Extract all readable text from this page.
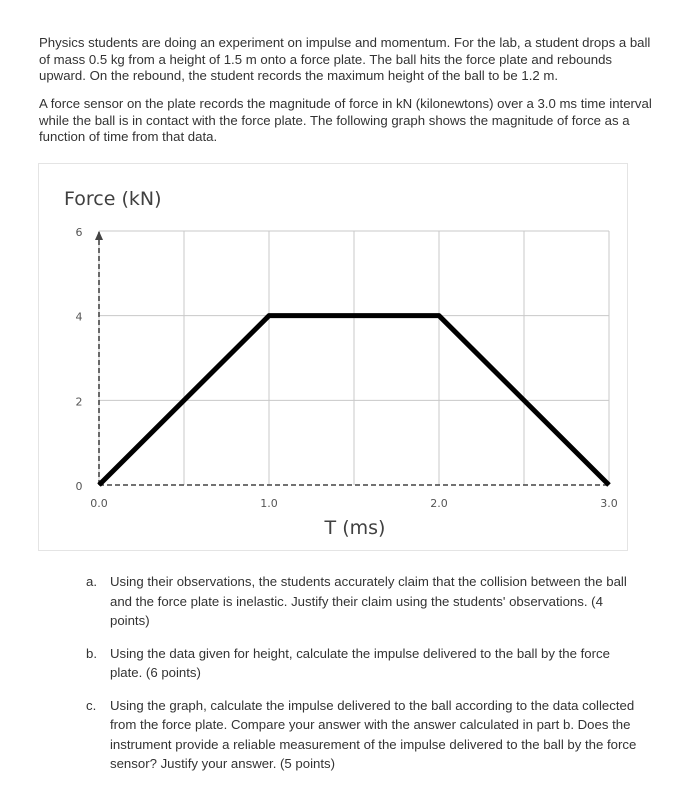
Physics students are doing an experiment on impulse and momentum. For the lab, a student drops a ball of mass 0.5 kg from a height of 1.5 m onto a force plate. The ball hits the force plate and rebounds upward. On the rebound, the student records the maximum height of the ball to be 1.2 m.

A force sensor on the plate records the magnitude of force in kN (kilonewtons) over a 3.0 ms time interval while the ball is in contact with the force plate. The following graph shows the magnitude of force as a function of time from that data.

Force (kN)
T (ms)
0
2
4
6
0.0	1.0	2.0	3.0
a. Using their observations, the students accurately claim that the collision between the ball and the force plate is inelastic. Justify their claim using the students' observations. (4 points)
b. Using the data given for height, calculate the impulse delivered to the ball by the force plate. (6 points)
c. Using the graph, calculate the impulse delivered to the ball according to the data collected from the force plate. Compare your answer with the answer calculated in part b. Does the instrument provide a reliable measurement of the impulse delivered to the ball by the force sensor? Justify your answer. (5 points)
